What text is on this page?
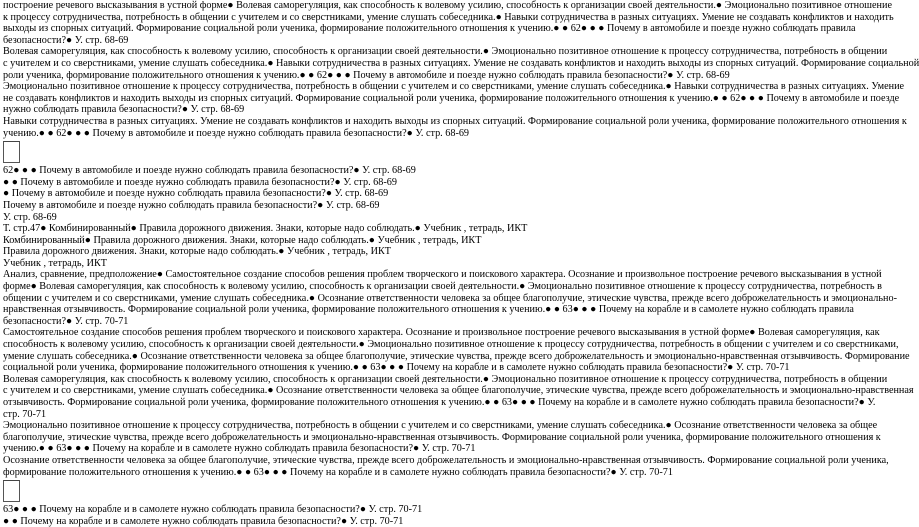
построение речевого высказывания в устной форме● Волевая саморегуляция, как способность к волевому усилию, способность к организации своей деятельности.● Эмоционально позитивное отношение
к процессу сотрудничества, потребность в общении с учителем и со сверстниками, умение слушать собеседника.● Навыки сотрудничества в разных ситуациях. Умение не создавать конфликтов и находить
выходы из спорных ситуаций. Формирование социальной роли ученика, формирование положительного отношения к учению.● ● 62● ● ● Почему в автомобиле и поезде нужно соблюдать правила
безопасности?● У. стр. 68-69
Волевая саморегуляция, как способность к волевому усилию, способность к организации своей деятельности.● Эмоционально позитивное отношение к процессу сотрудничества, потребность в общении
с учителем и со сверстниками, умение слушать собеседника.● Навыки сотрудничества в разных ситуациях. Умение не создавать конфликтов и находить выходы из спорных ситуаций. Формирование социальной
роли ученика, формирование положительного отношения к учению.● ● 62● ● ● Почему в автомобиле и поезде нужно соблюдать правила безопасности?● У. стр. 68-69
Эмоционально позитивное отношение к процессу сотрудничества, потребность в общении с учителем и со сверстниками, умение слушать собеседника.● Навыки сотрудничества в разных ситуациях. Умение
не создавать конфликтов и находить выходы из спорных ситуаций. Формирование социальной роли ученика, формирование положительного отношения к учению.● ● 62● ● ● Почему в автомобиле и поезде
нужно соблюдать правила безопасности?● У. стр. 68-69
Навыки сотрудничества в разных ситуациях. Умение не создавать конфликтов и находить выходы из спорных ситуаций. Формирование социальной роли ученика, формирование положительного отношения к
учению.● ● 62● ● ● Почему в автомобиле и поезде нужно соблюдать правила безопасности?● У. стр. 68-69
62● ● ● Почему в автомобиле и поезде нужно соблюдать правила безопасности?● У. стр. 68-69
● ● Почему в автомобиле и поезде нужно соблюдать правила безопасности?● У. стр. 68-69
● Почему в автомобиле и поезде нужно соблюдать правила безопасности?● У. стр. 68-69
Почему в автомобиле и поезде нужно соблюдать правила безопасности?● У. стр. 68-69
У. стр. 68-69
Т. стр.47● Комбинированный● Правила дорожного движения. Знаки, которые надо соблюдать.● Учебник , тетрадь, ИКТ
Комбинированный● Правила дорожного движения. Знаки, которые надо соблюдать.● Учебник , тетрадь, ИКТ
Правила дорожного движения. Знаки, которые надо соблюдать.● Учебник , тетрадь, ИКТ
Учебник , тетрадь, ИКТ
Анализ, сравнение, предположение● Самостоятельное создание способов решения проблем творческого и поискового характера. Осознание и произвольное построение речевого высказывания в устной
форме● Волевая саморегуляция, как способность к волевому усилию, способность к организации своей деятельности.● Эмоционально позитивное отношение к процессу сотрудничества, потребность в
общении с учителем и со сверстниками, умение слушать собеседника.● Осознание ответственности человека за общее благополучие, этические чувства, прежде всего доброжелательность и эмоционально-
нравственная отзывчивость. Формирование социальной роли ученика, формирование положительного отношения к учению.● ● 63● ● ● Почему на корабле и в самолете нужно соблюдать правила
безопасности?● У. стр. 70-71
Самостоятельное создание способов решения проблем творческого и поискового характера. Осознание и произвольное построение речевого высказывания в устной форме● Волевая саморегуляция, как
способность к волевому усилию, способность к организации своей деятельности.● Эмоционально позитивное отношение к процессу сотрудничества, потребность в общении с учителем и со сверстниками,
умение слушать собеседника.● Осознание ответственности человека за общее благополучие, этические чувства, прежде всего доброжелательность и эмоционально-нравственная отзывчивость. Формирование
социальной роли ученика, формирование положительного отношения к учению.● ● 63● ● ● Почему на корабле и в самолете нужно соблюдать правила безопасности?● У. стр. 70-71
Волевая саморегуляция, как способность к волевому усилию, способность к организации своей деятельности.● Эмоционально позитивное отношение к процессу сотрудничества, потребность в общении
с учителем и со сверстниками, умение слушать собеседника.● Осознание ответственности человека за общее благополучие, этические чувства, прежде всего доброжелательность и эмоционально-нравственная
отзывчивость. Формирование социальной роли ученика, формирование положительного отношения к учению.● ● 63● ● ● Почему на корабле и в самолете нужно соблюдать правила безопасности?● У.
стр. 70-71
Эмоционально позитивное отношение к процессу сотрудничества, потребность в общении с учителем и со сверстниками, умение слушать собеседника.● Осознание ответственности человека за общее
благополучие, этические чувства, прежде всего доброжелательность и эмоционально-нравственная отзывчивость. Формирование социальной роли ученика, формирование положительного отношения к
учению.● ● 63● ● ● Почему на корабле и в самолете нужно соблюдать правила безопасности?● У. стр. 70-71
Осознание ответственности человека за общее благополучие, этические чувства, прежде всего доброжелательность и эмоционально-нравственная отзывчивость. Формирование социальной роли ученика,
формирование положительного отношения к учению.● ● 63● ● ● Почему на корабле и в самолете нужно соблюдать правила безопасности?● У. стр. 70-71
63● ● ● Почему на корабле и в самолете нужно соблюдать правила безопасности?● У. стр. 70-71
● ● Почему на корабле и в самолете нужно соблюдать правила безопасности?● У. стр. 70-71
